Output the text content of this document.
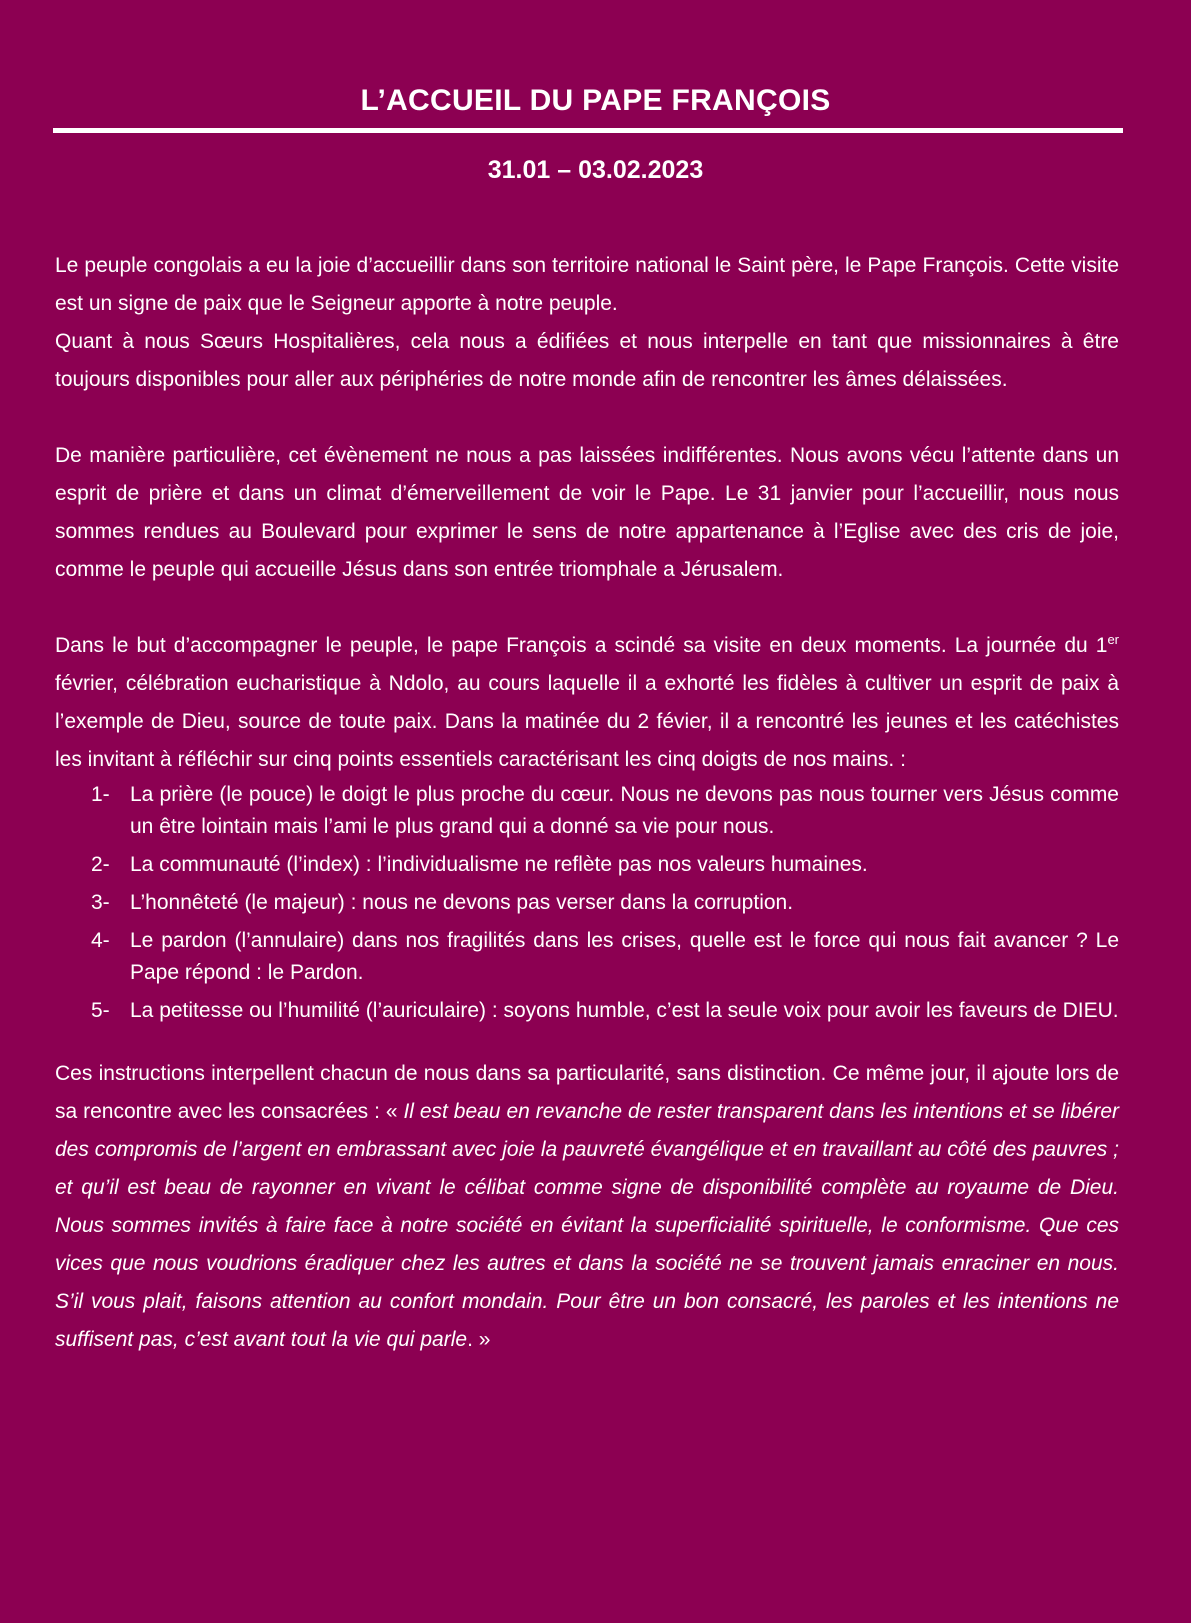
L’ACCUEIL DU PAPE FRANÇOIS
31.01 – 03.02.2023

Le peuple congolais a eu la joie d’accueillir dans son territoire national le Saint père, le Pape François. Cette visite est un signe de paix que le Seigneur apporte à notre peuple.

Quant à nous Sœurs Hospitalières, cela nous a édifiées et nous interpelle en tant que missionnaires à être toujours disponibles pour aller aux périphéries de notre monde afin de rencontrer les âmes délaissées.

De manière particulière, cet évènement ne nous a pas laissées indifférentes. Nous avons vécu l’attente dans un esprit de prière et dans un climat d’émerveillement de voir le Pape. Le 31 janvier pour l’accueillir, nous nous sommes rendues au Boulevard pour exprimer le sens de notre appartenance à l’Eglise avec des cris de joie, comme le peuple qui accueille Jésus dans son entrée triomphale a Jérusalem.

Dans le but d’accompagner le peuple, le pape François a scindé sa visite en deux moments. La journée du 1er février, célébration eucharistique à Ndolo, au cours laquelle il a exhorté les fidèles à cultiver un esprit de paix à l’exemple de Dieu, source de toute paix. Dans la matinée du 2 févier, il a rencontré les jeunes et les catéchistes les invitant à réfléchir sur cinq points essentiels caractérisant les cinq doigts de nos mains. :

1- La prière (le pouce) le doigt le plus proche du cœur. Nous ne devons pas nous tourner vers Jésus comme un être lointain mais l’ami le plus grand qui a donné sa vie pour nous.
2- La communauté (l’index) : l’individualisme ne reflète pas nos valeurs humaines.
3- L’honnêteté (le majeur) : nous ne devons pas verser dans la corruption.
4- Le pardon (l’annulaire) dans nos fragilités dans les crises, quelle est le force qui nous fait avancer ? Le Pape répond : le Pardon.
5- La petitesse ou l’humilité (l’auriculaire) : soyons humble, c’est la seule voix pour avoir les faveurs de DIEU.

Ces instructions interpellent chacun de nous dans sa particularité, sans distinction. Ce même jour, il ajoute lors de sa rencontre avec les consacrées : « Il est beau en revanche de rester transparent dans les intentions et se libérer des compromis de l’argent en embrassant avec joie la pauvreté évangélique et en travaillant au côté des pauvres ; et qu’il est beau de rayonner en vivant le célibat comme signe de disponibilité complète au royaume de Dieu. Nous sommes invités à faire face à notre société en évitant la superficialité spirituelle, le conformisme. Que ces vices que nous voudrions éradiquer chez les autres et dans la société ne se trouvent jamais enraciner en nous. S’il vous plait, faisons attention au confort mondain. Pour être un bon consacré, les paroles et les intentions ne suffisent pas, c’est avant tout la vie qui parle. »
